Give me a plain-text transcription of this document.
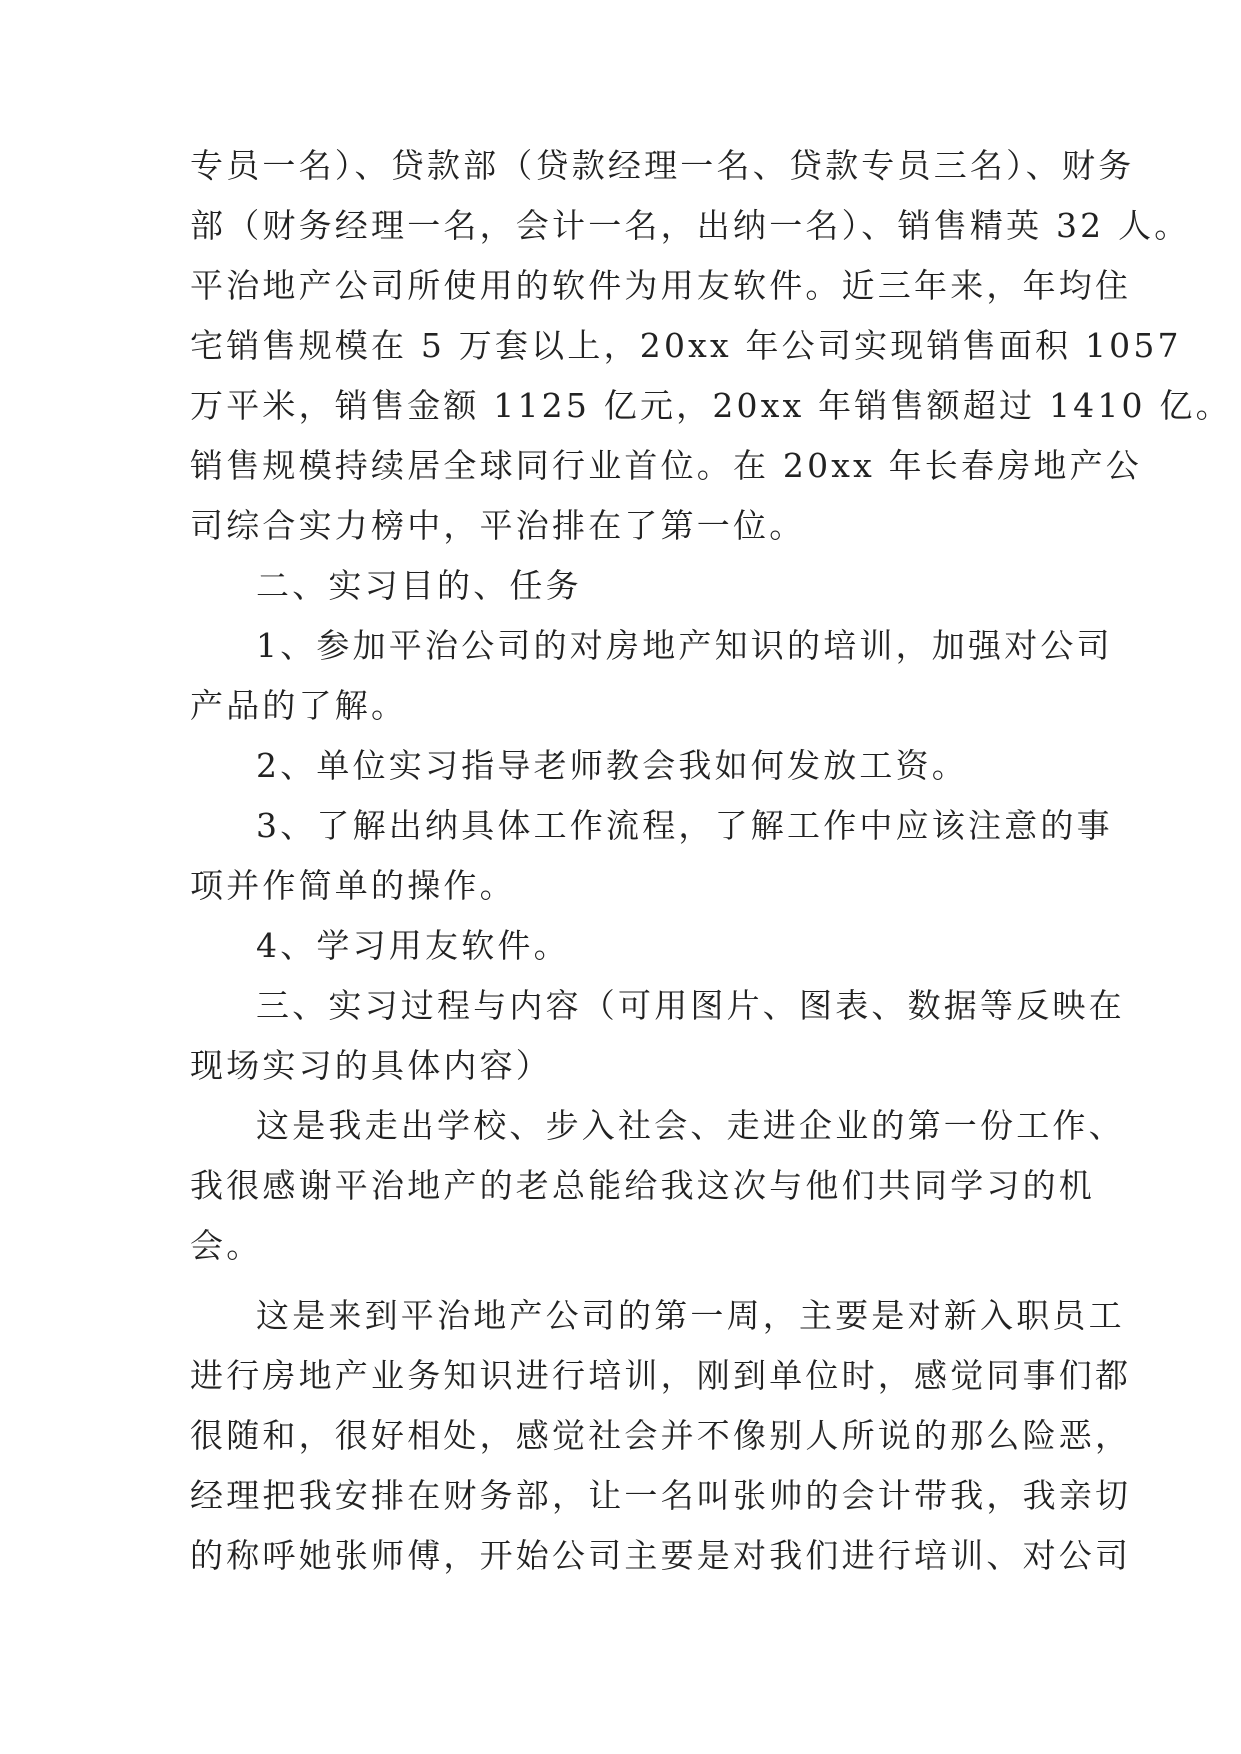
专员一名）、贷款部（贷款经理一名、贷款专员三名）、财务
部（财务经理一名，会计一名，出纳一名）、销售精英 32 人。
平治地产公司所使用的软件为用友软件。近三年来，年均住
宅销售规模在 5 万套以上，20xx 年公司实现销售面积 1057
万平米，销售金额 1125 亿元，20xx 年销售额超过 1410 亿。
销售规模持续居全球同行业首位。在 20xx 年长春房地产公
司综合实力榜中，平治排在了第一位。
二、实习目的、任务
1、参加平治公司的对房地产知识的培训，加强对公司
产品的了解。
2、单位实习指导老师教会我如何发放工资。
3、了解出纳具体工作流程，了解工作中应该注意的事
项并作简单的操作。
4、学习用友软件。
三、实习过程与内容（可用图片、图表、数据等反映在
现场实习的具体内容）
这是我走出学校、步入社会、走进企业的第一份工作、
我很感谢平治地产的老总能给我这次与他们共同学习的机
会。
这是来到平治地产公司的第一周，主要是对新入职员工
进行房地产业务知识进行培训，刚到单位时，感觉同事们都
很随和，很好相处，感觉社会并不像别人所说的那么险恶，
经理把我安排在财务部，让一名叫张帅的会计带我，我亲切
的称呼她张师傅，开始公司主要是对我们进行培训、对公司
